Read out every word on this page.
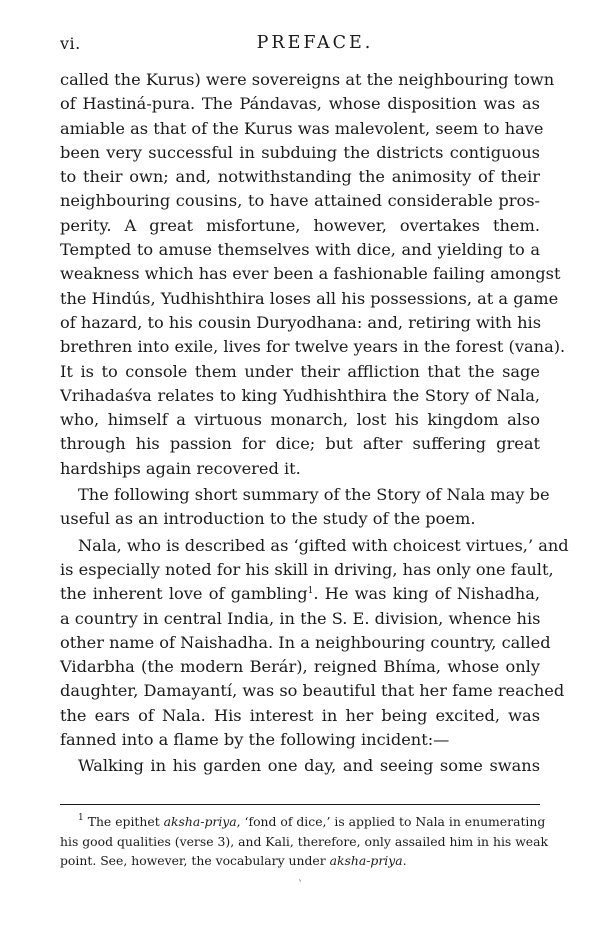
vi.	PREFACE.
called the Kurus) were sovereigns at the neighbouring town
of Hastiná-pura. The Pándavas, whose disposition was as
amiable as that of the Kurus was malevolent, seem to have
been very successful in subduing the districts contiguous
to their own; and, notwithstanding the animosity of their
neighbouring cousins, to have attained considerable pros-
perity. A great misfortune, however, overtakes them.
Tempted to amuse themselves with dice, and yielding to a
weakness which has ever been a fashionable failing amongst
the Hindús, Yudhishthira loses all his possessions, at a game
of hazard, to his cousin Duryodhana: and, retiring with his
brethren into exile, lives for twelve years in the forest (vana).
It is to console them under their affliction that the sage
Vrihadaśva relates to king Yudhishthira the Story of Nala,
who, himself a virtuous monarch, lost his kingdom also
through his passion for dice; but after suffering great
hardships again recovered it.
The following short summary of the Story of Nala may be
useful as an introduction to the study of the poem.
Nala, who is described as ‘gifted with choicest virtues,’ and
is especially noted for his skill in driving, has only one fault,
the inherent love of gambling$^1$. He was king of Nishadha,
a country in central India, in the S. E. division, whence his
other name of Naishadha. In a neighbouring country, called
Vidarbha (the modern Berár), reigned Bhíma, whose only
daughter, Damayantí, was so beautiful that her fame reached
the ears of Nala. His interest in her being excited, was
fanned into a flame by the following incident:—
Walking in his garden one day, and seeing some swans
$^1$ The epithet aksha-priya, ‘fond of dice,’ is applied to Nala in enumerating
his good qualities (verse 3), and Kali, therefore, only assailed him in his weak
point. See, however, the vocabulary under aksha-priya.
`
